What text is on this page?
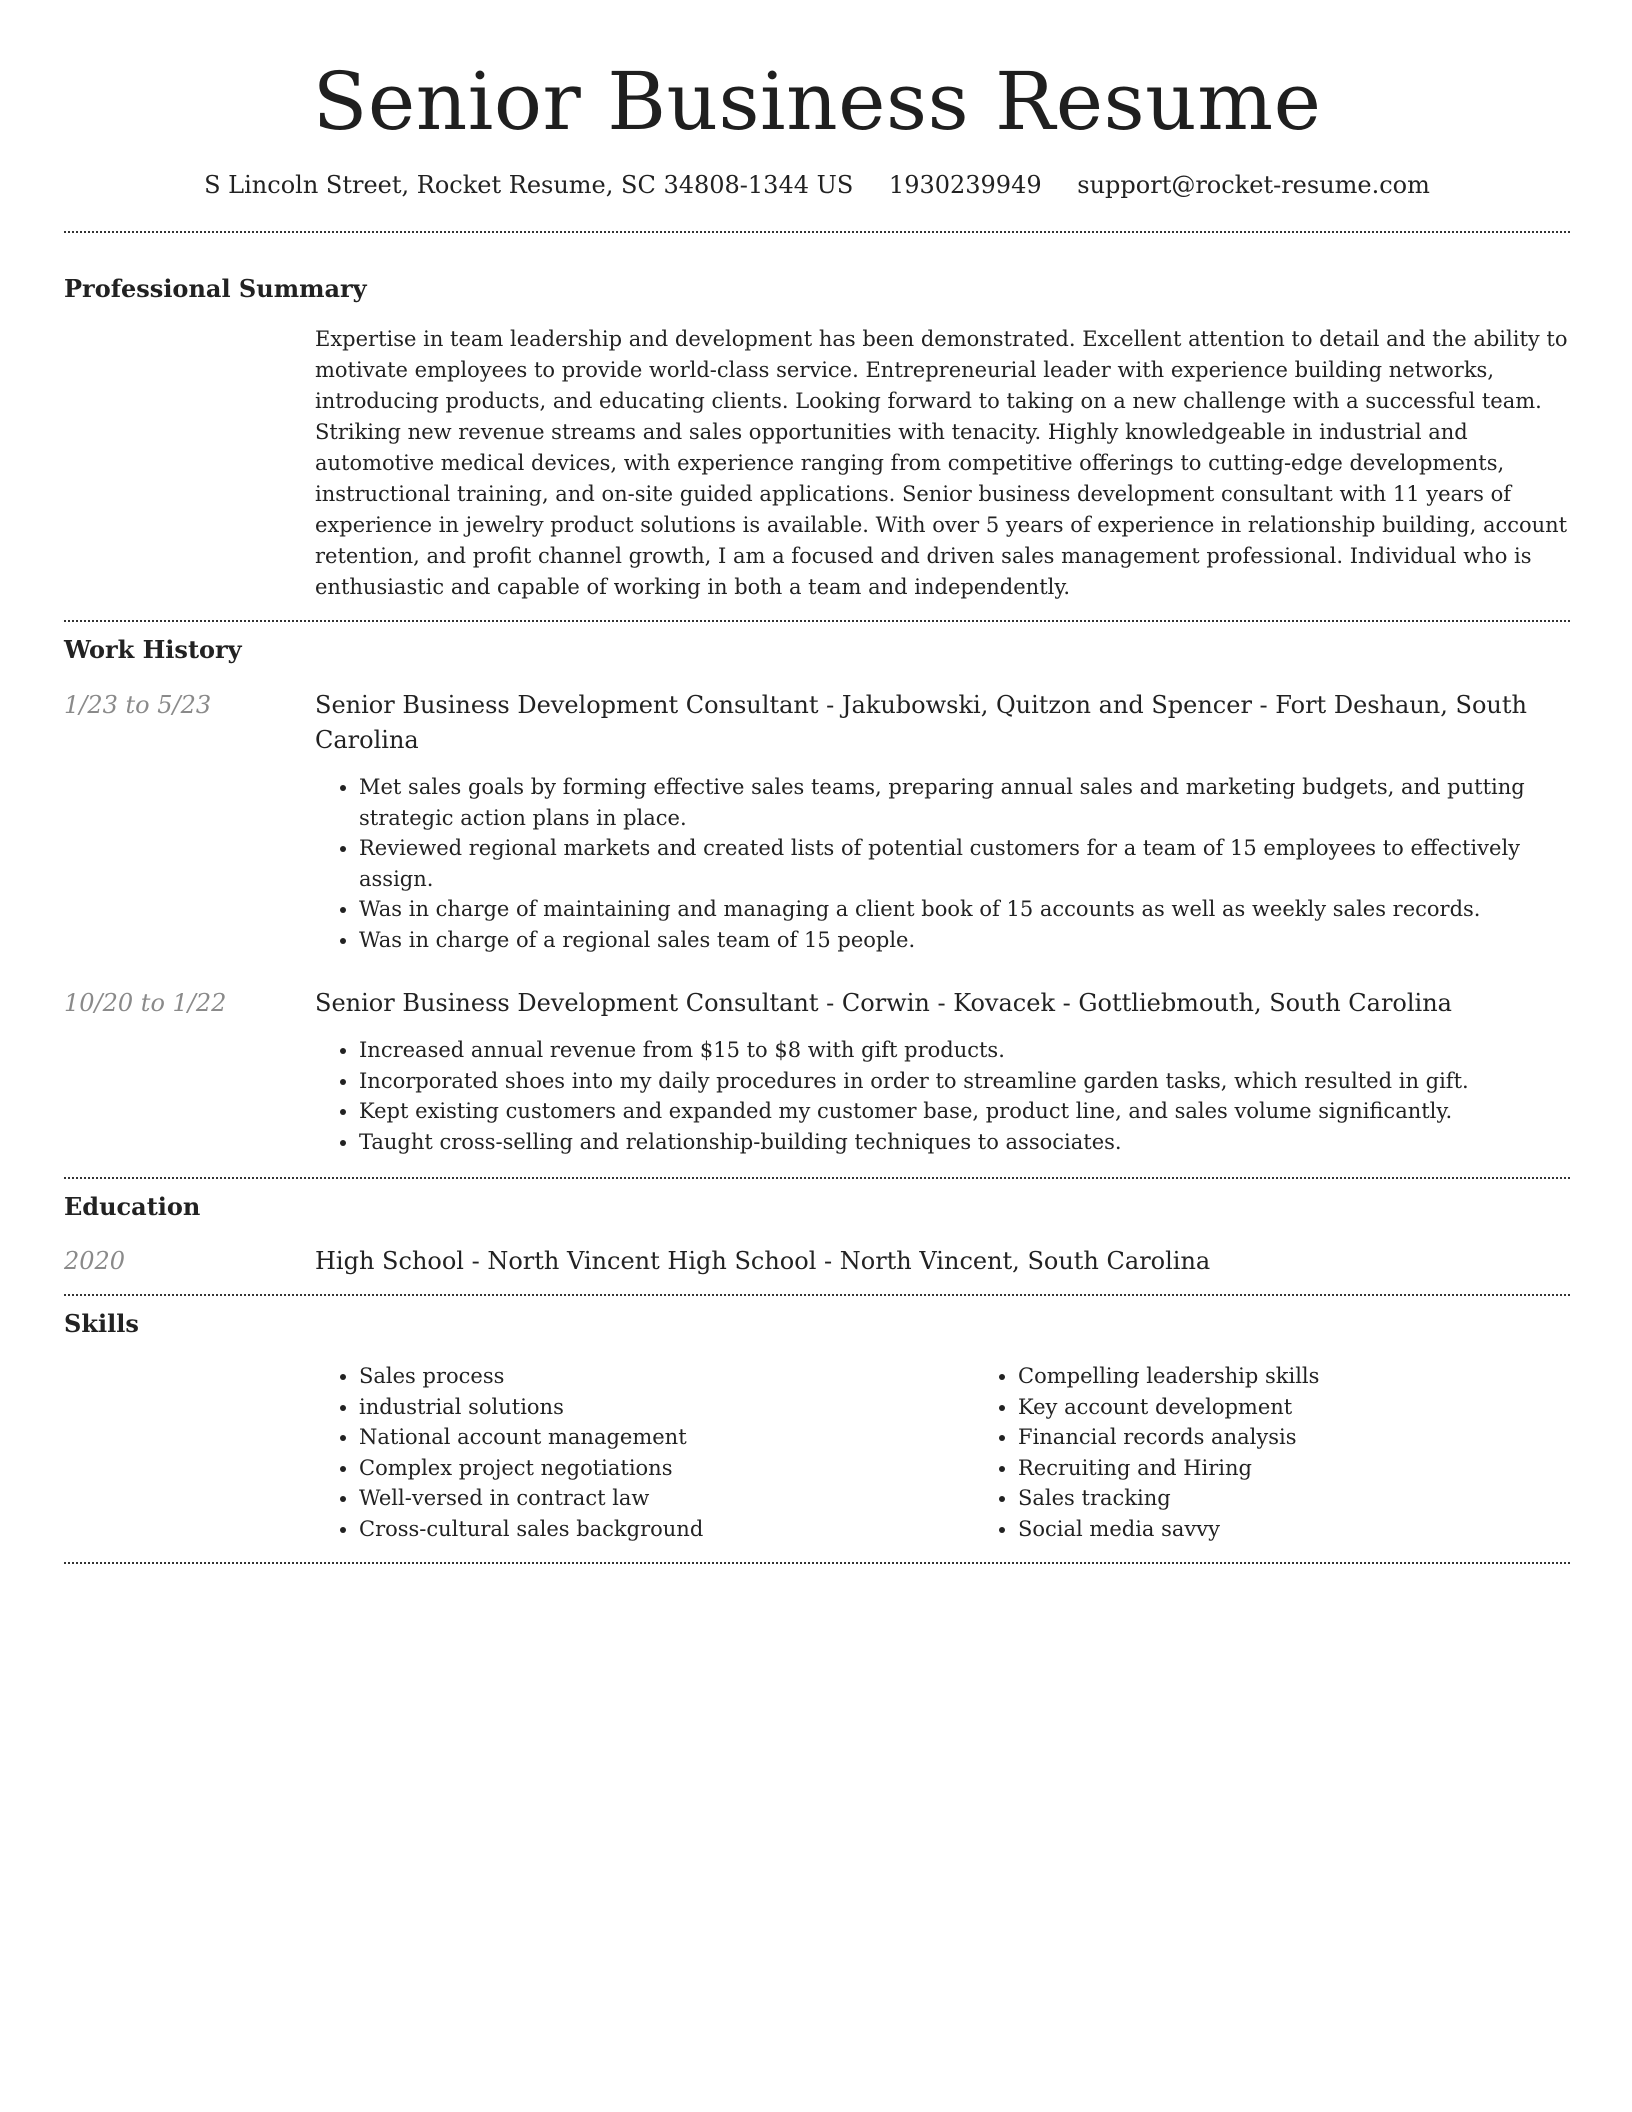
Senior Business Resume
S Lincoln Street, Rocket Resume, SC 34808-1344 US 1930239949 support@rocket-resume.com
Professional Summary

Expertise in team leadership and development has been demonstrated. Excellent attention to detail and the ability to motivate employees to provide world-class service. Entrepreneurial leader with experience building networks, introducing products, and educating clients. Looking forward to taking on a new challenge with a successful team. Striking new revenue streams and sales opportunities with tenacity. Highly knowledgeable in industrial and automotive medical devices, with experience ranging from competitive offerings to cutting-edge developments, instructional training, and on-site guided applications. Senior business development consultant with 11 years of experience in jewelry product solutions is available. With over 5 years of experience in relationship building, account retention, and profit channel growth, I am a focused and driven sales management professional. Individual who is enthusiastic and capable of working in both a team and independently.

Work History
1/23 to 5/23	Senior Business Development Consultant - Jakubowski, Quitzon and Spencer - Fort Deshaun, South Carolina

• Met sales goals by forming effective sales teams, preparing annual sales and marketing budgets, and putting strategic action plans in place.
• Reviewed regional markets and created lists of potential customers for a team of 15 employees to effectively assign.
• Was in charge of maintaining and managing a client book of 15 accounts as well as weekly sales records.
• Was in charge of a regional sales team of 15 people.
10/20 to 1/22	Senior Business Development Consultant - Corwin - Kovacek - Gottliebmouth, South Carolina

• Increased annual revenue from $15 to $8 with gift products.
• Incorporated shoes into my daily procedures in order to streamline garden tasks, which resulted in gift.
• Kept existing customers and expanded my customer base, product line, and sales volume significantly.
• Taught cross-selling and relationship-building techniques to associates.
Education
2020	High School - North Vincent High School - North Vincent, South Carolina

Skills
• Sales process
• industrial solutions
• National account management
• Complex project negotiations
• Well-versed in contract law
• Cross-cultural sales background
• Compelling leadership skills
• Key account development
• Financial records analysis
• Recruiting and Hiring
• Sales tracking
• Social media savvy
